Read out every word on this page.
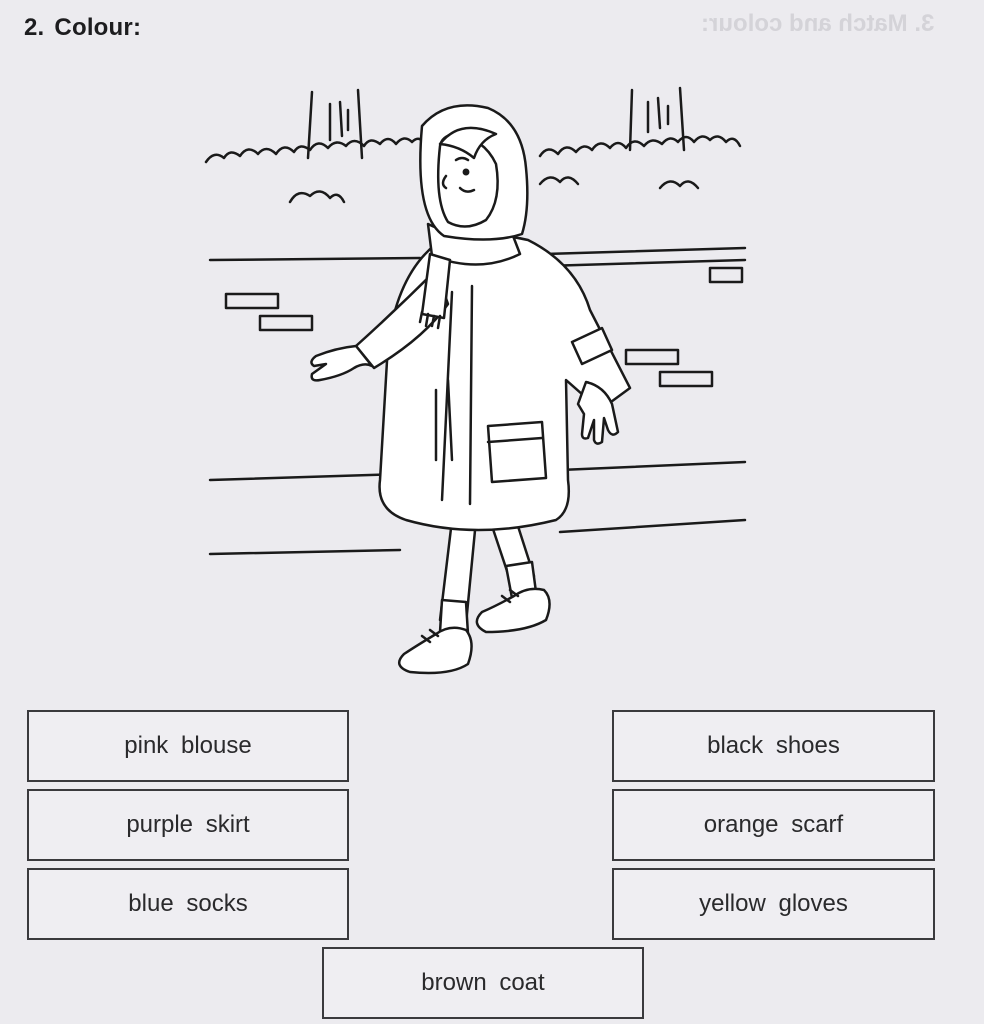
2. Colour:	3. Match and colour:
pink blouse
purple skirt
blue socks
black shoes
orange scarf
yellow gloves
brown coat
